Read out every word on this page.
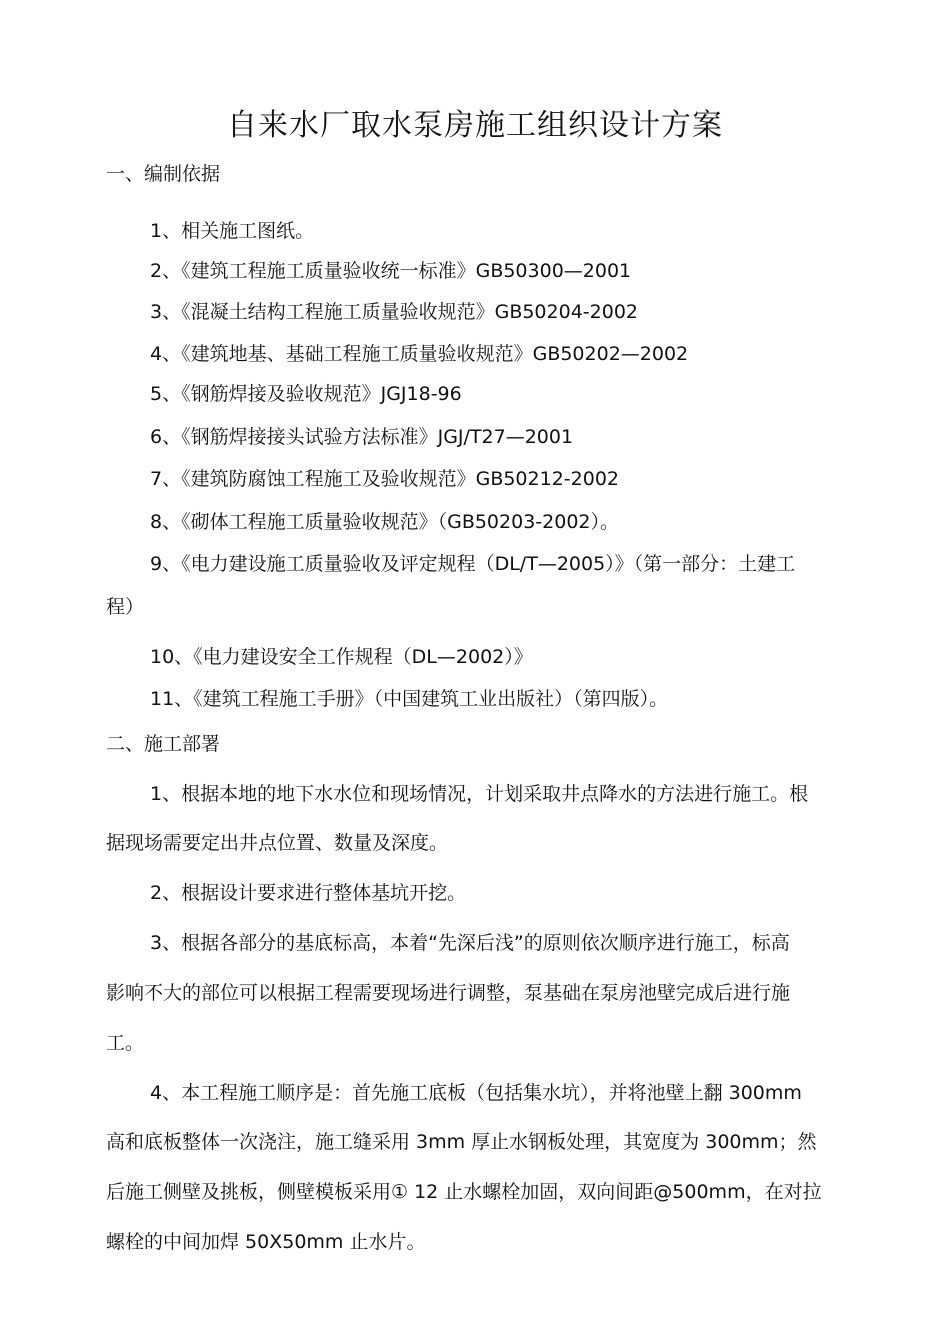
自来水厂取水泵房施工组织设计方案
一、编制依据
1、相关施工图纸。
2、《建筑工程施工质量验收统一标准》GB50300—2001
3、《混凝土结构工程施工质量验收规范》GB50204-2002
4、《建筑地基、基础工程施工质量验收规范》GB50202—2002
5、《钢筋焊接及验收规范》JGJ18-96
6、《钢筋焊接接头试验方法标准》JGJ/T27—2001
7、《建筑防腐蚀工程施工及验收规范》GB50212-2002
8、《砌体工程施工质量验收规范》（GB50203-2002）。
9、《电力建设施工质量验收及评定规程（DL/T—2005）》（第一部分：土建工
程）
10、《电力建设安全工作规程（DL—2002）》
11、《建筑工程施工手册》（中国建筑工业出版社）（第四版）。
二、施工部署
1、根据本地的地下水水位和现场情况，计划采取井点降水的方法进行施工。根
据现场需要定出井点位置、数量及深度。
2、根据设计要求进行整体基坑开挖。
3、根据各部分的基底标高，本着“先深后浅”的原则依次顺序进行施工，标高
影响不大的部位可以根据工程需要现场进行调整，泵基础在泵房池壁完成后进行施
工。
4、本工程施工顺序是：首先施工底板（包括集水坑），并将池壁上翻 300mm
高和底板整体一次浇注，施工缝采用 3mm 厚止水钢板处理，其宽度为 300mm；然
后施工侧壁及挑板，侧壁模板采用① 12 止水螺栓加固，双向间距@500mm，在对拉
螺栓的中间加焊 50X50mm 止水片。
